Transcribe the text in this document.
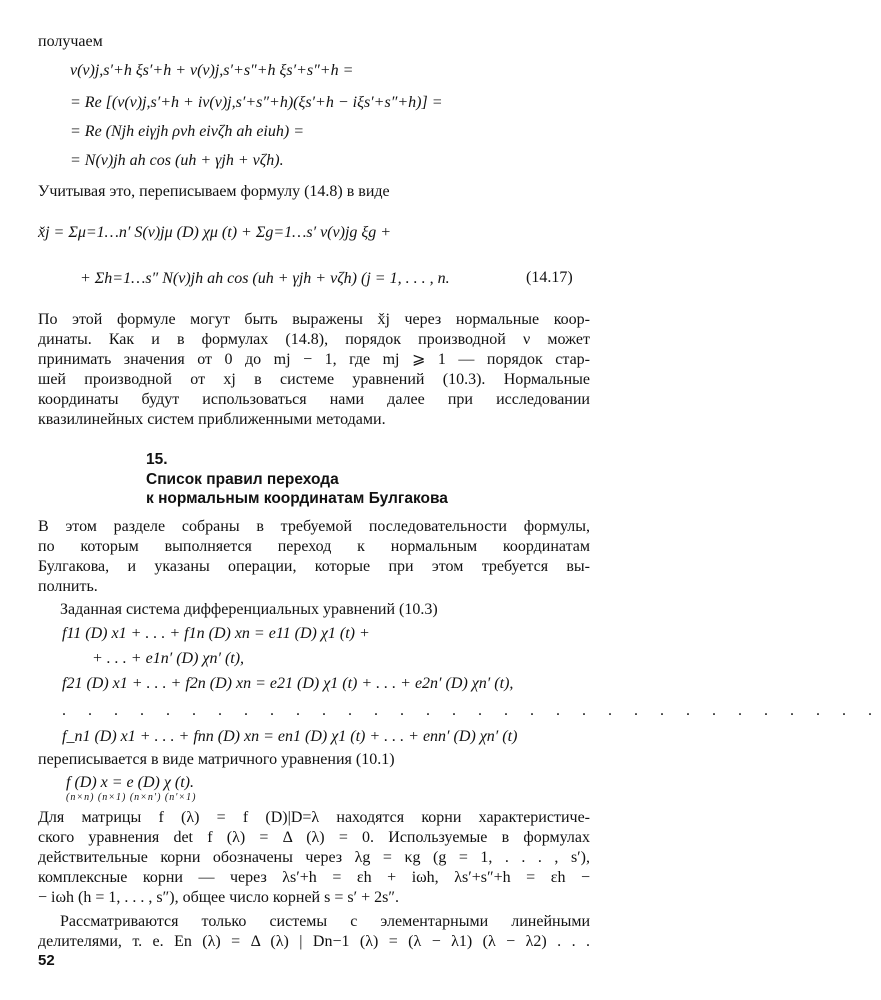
получаем
v(ν)j,s′+h ξs′+h + v(ν)j,s′+s″+h ξs′+s″+h =
= Re [(v(ν)j,s′+h + iv(ν)j,s′+s″+h)(ξs′+h − iξs′+s″+h)] =
= Re (Njh eiγjh ρνh eiνζh ah eiuh) =
= N(ν)jh ah cos (uh + γjh + νζh).
Учитывая это, переписываем формулу (14.8) в виде
x̌j = Σμ=1…n′ S(ν)jμ (D) χμ (t) + Σg=1…s′ v(ν)jg ξg +
+ Σh=1…s″ N(ν)jh ah cos (uh + γjh + νζh) (j = 1, . . . , n.	(14.17)
По этой формуле могут быть выражены x̌j через нормальные коор-
динаты. Как и в формулах (14.8), порядок производной ν может
принимать значения от 0 до mj − 1, где mj ⩾ 1 — порядок стар-
шей производной от xj в системе уравнений (10.3). Нормальные
координаты будут использоваться нами далее при исследовании
квазилинейных систем приближенными методами.
15.
Список правил перехода
к нормальным координатам Булгакова
В этом разделе собраны в требуемой последовательности формулы,
по которым выполняется переход к нормальным координатам
Булгакова, и указаны операции, которые при этом требуется вы-
полнить.
Заданная система дифференциальных уравнений (10.3)
f11 (D) x1 + . . . + f1n (D) xn = e11 (D) χ1 (t) +
+ . . . + e1n′ (D) χn′ (t),
f21 (D) x1 + . . . + f2n (D) xn = e21 (D) χ1 (t) + . . . + e2n′ (D) χn′ (t),
. . . . . . . . . . . . . . . . . . . . . . . . . . . . . . . .
f_n1 (D) x1 + . . . + fnn (D) xn = en1 (D) χ1 (t) + . . . + enn′ (D) χn′ (t)
переписывается в виде матричного уравнения (10.1)
f (D) x = e (D) χ (t).
(n×n) (n×1) (n×n′) (n′×1)
Для матрицы f (λ) = f (D)|D=λ находятся корни характеристиче-
ского уравнения det f (λ) = Δ (λ) = 0. Используемые в формулах
действительные корни обозначены через λg = κg (g = 1, . . . , s′),
комплексные корни — через λs′+h = εh + iωh, λs′+s″+h = εh −
− iωh (h = 1, . . . , s″), общее число корней s = s′ + 2s″.
Рассматриваются только системы с элементарными линейными
делителями, т. е. En (λ) = Δ (λ) | Dn−1 (λ) = (λ − λ1) (λ − λ2) . . .
52
